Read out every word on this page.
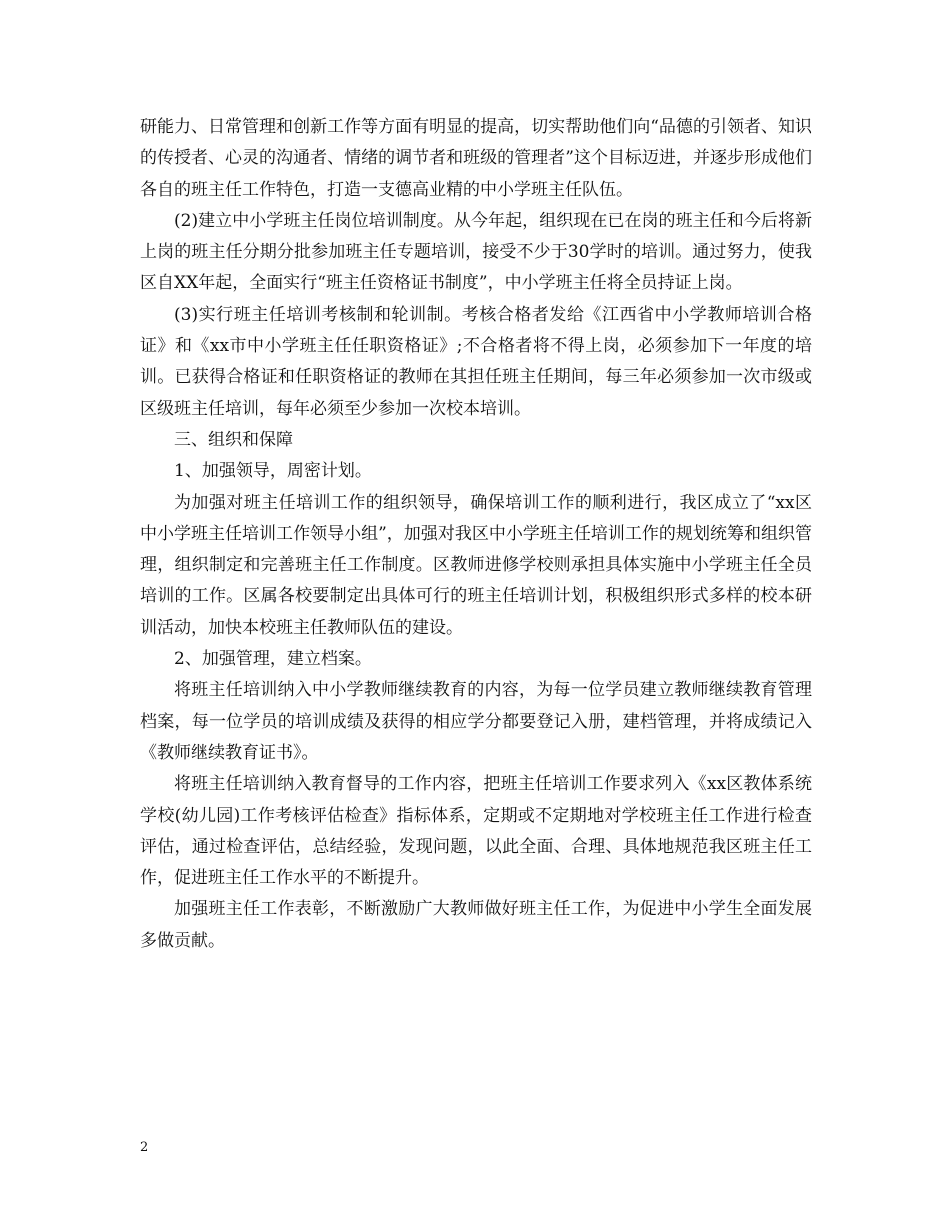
研能力、日常管理和创新工作等方面有明显的提高，切实帮助他们向“品德的引领者、知识的传授者、心灵的沟通者、情绪的调节者和班级的管理者”这个目标迈进，并逐步形成他们各自的班主任工作特色，打造一支德高业精的中小学班主任队伍。

(2)建立中小学班主任岗位培训制度。从今年起，组织现在已在岗的班主任和今后将新上岗的班主任分期分批参加班主任专题培训，接受不少于30学时的培训。通过努力，使我区自XX年起，全面实行“班主任资格证书制度”，中小学班主任将全员持证上岗。

(3)实行班主任培训考核制和轮训制。考核合格者发给《江西省中小学教师培训合格证》和《xx市中小学班主任任职资格证》;不合格者将不得上岗，必须参加下一年度的培训。已获得合格证和任职资格证的教师在其担任班主任期间，每三年必须参加一次市级或区级班主任培训，每年必须至少参加一次校本培训。

三、组织和保障

1、加强领导，周密计划。

为加强对班主任培训工作的组织领导，确保培训工作的顺利进行，我区成立了“xx区中小学班主任培训工作领导小组”，加强对我区中小学班主任培训工作的规划统筹和组织管理，组织制定和完善班主任工作制度。区教师进修学校则承担具体实施中小学班主任全员培训的工作。区属各校要制定出具体可行的班主任培训计划，积极组织形式多样的校本研训活动，加快本校班主任教师队伍的建设。

2、加强管理，建立档案。

将班主任培训纳入中小学教师继续教育的内容，为每一位学员建立教师继续教育管理档案，每一位学员的培训成绩及获得的相应学分都要登记入册，建档管理，并将成绩记入《教师继续教育证书》。

将班主任培训纳入教育督导的工作内容，把班主任培训工作要求列入《xx区教体系统学校(幼儿园)工作考核评估检查》指标体系，定期或不定期地对学校班主任工作进行检查评估，通过检查评估，总结经验，发现问题，以此全面、合理、具体地规范我区班主任工作，促进班主任工作水平的不断提升。

加强班主任工作表彰，不断激励广大教师做好班主任工作，为促进中小学生全面发展多做贡献。

2
